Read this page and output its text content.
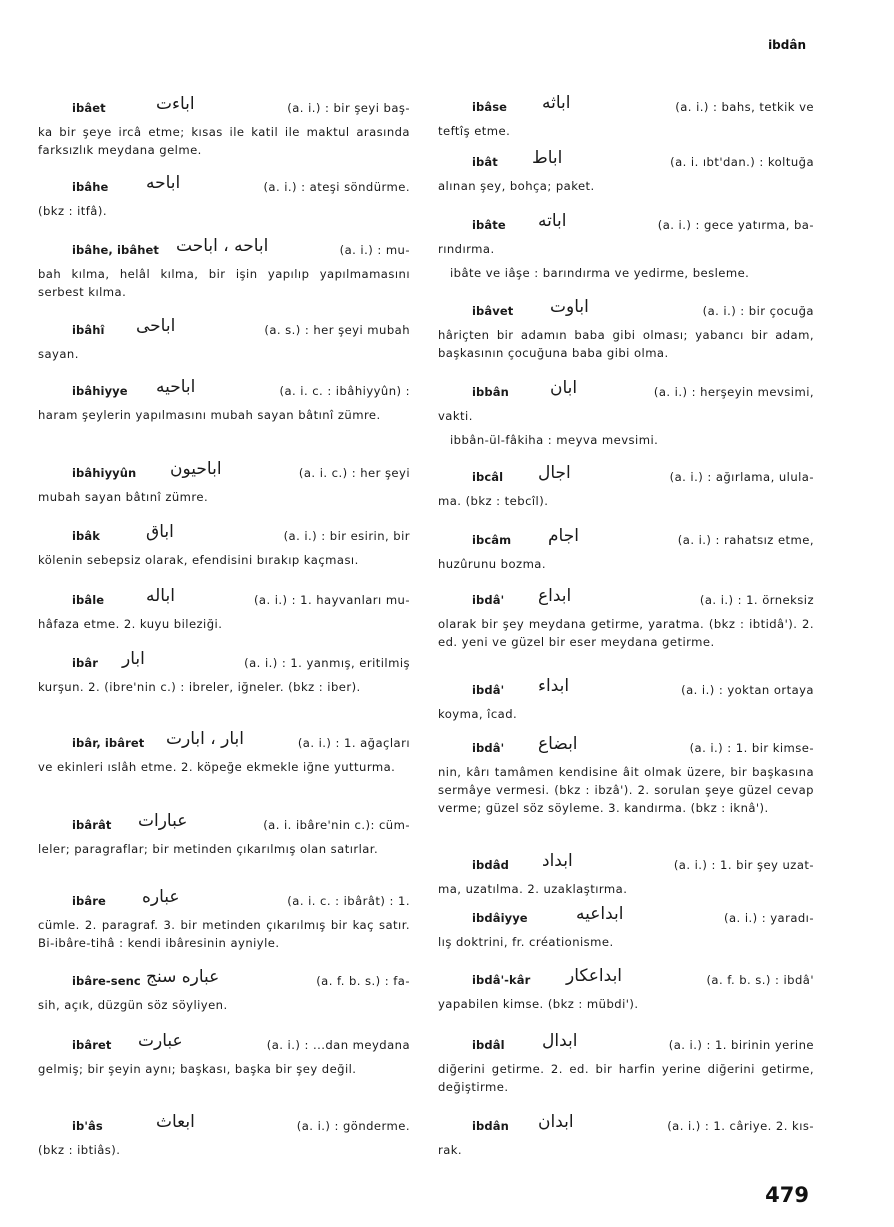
ibdân
ibâet	اباءت	(a. i.) : bir şeyi baş-
ka bir şeye ircâ etme; kısas ile katil ile maktul arasında farksızlık meydana gelme.
ibâhe اباحه	(a. i.) : ateşi söndürme.
(bkz : itfâ).
ibâhe, ibâhet اباحه ، اباحت	(a. i.) : mu-
bah kılma, helâl kılma, bir işin yapılıp yapılmamasını serbest kılma.
ibâhî اباحى	(a. s.) : her şeyi mubah
sayan.
ibâhiyye اباحيه	(a. i. c. : ibâhiyyûn) :
haram şeylerin yapılmasını mubah sayan bâtınî zümre.
ibâhiyyûn اباحيون	(a. i. c.) : her şeyi
mubah sayan bâtınî zümre.
ibâk	اباق	(a. i.) : bir esirin, bir
kölenin sebepsiz olarak, efendisini bırakıp kaçması.
ibâle اباله	(a. i.) : 1. hayvanları mu-
hâfaza etme. 2. kuyu bileziği.
ibâr ابار	(a. i.) : 1. yanmış, eritilmiş
kurşun. 2. (ibre'nin c.) : ibreler, iğneler. (bkz : iber).
ibâr, ibâret ابار ، ابارت	(a. i.) : 1. ağaçları
ve ekinleri ıslâh etme. 2. köpeğe ekmekle iğne yutturma.
ibârât عبارات	(a. i. ibâre'nin c.): cüm-
leler; paragraflar; bir metinden çıkarılmış olan satırlar.
ibâre عباره	(a. i. c. : ibârât) : 1.
cümle. 2. paragraf. 3. bir metinden çıkarılmış bir kaç satır. Bi-ibâre-tihâ : kendi ibâresinin ayniyle.
ibâre-senc عباره سنج	(a. f. b. s.) : fa-
sih, açık, düzgün söz söyliyen.
ibâret عبارت	(a. i.) : ...dan meydana
gelmiş; bir şeyin aynı; başkası, başka bir şey değil.
ib'âs	ابعاث	(a. i.) : gönderme.
(bkz : ibtiâs).
ibâse اباثه	(a. i.) : bahs, tetkik ve
teftîş etme.
ibât اباط	(a. i. ıbt'dan.) : koltuğa
alınan şey, bohça; paket.
ibâte اباته	(a. i.) : gece yatırma, ba-
rındırma.
ibâte ve iâşe : barındırma ve yedirme, besleme.
ibâvet اباوت	(a. i.) : bir çocuğa
hâriçten bir adamın baba gibi olması; yabancı bir adam, başkasının çocuğuna baba gibi olma.
ibbân ابان	(a. i.) : herşeyin mevsimi,
vakti.
ibbân-ül-fâkiha : meyva mevsimi.
ibcâl اجال	(a. i.) : ağırlama, ulula-
ma. (bkz : tebcîl).
ibcâm اجام	(a. i.) : rahatsız etme,
huzûrunu bozma.
ibdâ' ابداع	(a. i.) : 1. örneksiz
olarak bir şey meydana getirme, yaratma. (bkz : ibtidâ'). 2. ed. yeni ve güzel bir eser meydana getirme.
ibdâ' ابداء	(a. i.) : yoktan ortaya
koyma, îcad.
ibdâ' ابضاع	(a. i.) : 1. bir kimse-
nin, kârı tamâmen kendisine âit olmak üzere, bir başkasına sermâye vermesi. (bkz : ibzâ'). 2. sorulan şeye güzel cevap verme; güzel söz söyleme. 3. kandırma. (bkz : iknâ').
ibdâd ابداد	(a. i.) : 1. bir şey uzat-
ma, uzatılma. 2. uzaklaştırma.
ibdâiyye	ابداعيه	(a. i.) : yaradı-
lış doktrini, fr. créationisme.
ibdâ'-kâr ابداعكار	(a. f. b. s.) : ibdâ'
yapabilen kimse. (bkz : mübdi').
ibdâl ابدال	(a. i.) : 1. birinin yerine
diğerini getirme. 2. ed. bir harfin yerine diğerini getirme, değiştirme.
ibdân ابدان	(a. i.) : 1. câriye. 2. kıs-
rak.
479
